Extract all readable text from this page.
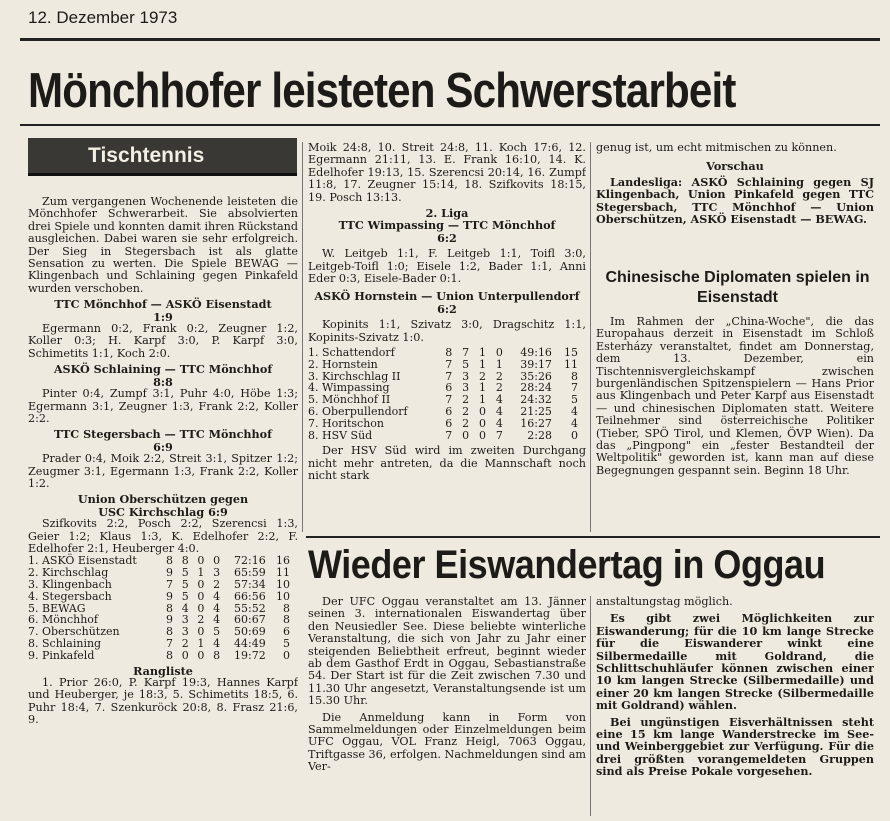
12. Dezember 1973
Mönchhofer leisteten Schwerstarbeit
Tischtennis

Zum vergangenen Wochenende leisteten die Mönchhofer Schwerarbeit. Sie absolvierten drei Spiele und konnten damit ihren Rückstand ausgleichen. Dabei waren sie sehr erfolgreich. Der Sieg in Stegersbach ist als glatte Sensation zu werten. Die Spiele BEWAG — Klingenbach und Schlaining gegen Pinkafeld wurden verschoben.

TTC Mönchhof — ASKÖ Eisenstadt
1:9

Egermann 0:2, Frank 0:2, Zeugner 1:2, Koller 0:3; H. Karpf 3:0, P. Karpf 3:0, Schimetits 1:1, Koch 2:0.

ASKÖ Schlaining — TTC Mönchhof
8:8

Pinter 0:4, Zumpf 3:1, Puhr 4:0, Höbe 1:3; Egermann 3:1, Zeugner 1:3, Frank 2:2, Koller 2:2.

TTC Stegersbach — TTC Mönchhof
6:9

Prader 0:4, Moik 2:2, Streit 3:1, Spitzer 1:2; Zeugmer 3:1, Egermann 1:3, Frank 2:2, Koller 1:2.

Union Oberschützen gegen
USC Kirchschlag 6:9

Szifkovits 2:2, Posch 2:2, Szerencsi 1:3, Geier 1:2; Klaus 1:3, K. Edelhofer 2:2, F. Edelhofer 2:1, Heuberger 4:0.

1. ASKÖ Eisenstadt	8	8	0	0	72:16	16
2. Kirchschlag	9	5	1	3	65:59	11
3. Klingenbach	7	5	0	2	57:34	10
4. Stegersbach	9	5	0	4	66:56	10
5. BEWAG	8	4	0	4	55:52	8
6. Mönchhof	9	3	2	4	60:67	8
7. Oberschützen	8	3	0	5	50:69	6
8. Schlaining	7	2	1	4	44:49	5
9. Pinkafeld	8	0	0	8	19:72	0
Rangliste

1. Prior 26:0, P. Karpf 19:3, Hannes Karpf und Heuberger, je 18:3, 5. Schimetits 18:5, 6. Puhr 18:4, 7. Szenkuröck 20:8, 8. Frasz 21:6, 9.

Moik 24:8, 10. Streit 24:8, 11. Koch 17:6, 12. Egermann 21:11, 13. E. Frank 16:10, 14. K. Edelhofer 19:13, 15. Szerencsi 20:14, 16. Zumpf 11:8, 17. Zeugner 15:14, 18. Szifkovits 18:15, 19. Posch 13:13.

2. Liga
TTC Wimpassing — TTC Mönchhof
6:2

W. Leitgeb 1:1, F. Leitgeb 1:1, Toifl 3:0, Leitgeb-Toifl 1:0; Eisele 1:2, Bader 1:1, Anni Eder 0:3, Eisele-Bader 0:1.

ASKÖ Hornstein — Union Unterpullendorf 6:2

Kopinits 1:1, Szivatz 3:0, Dragschitz 1:1, Kopinits-Szivatz 1:0.

1. Schattendorf	8	7	1	0	49:16	15
2. Hornstein	7	5	1	1	39:17	11
3. Kirchschlag II	7	3	2	2	35:26	8
4. Wimpassing	6	3	1	2	28:24	7
5. Mönchhof II	7	2	1	4	24:32	5
6. Oberpullendorf	6	2	0	4	21:25	4
7. Horitschon	6	2	0	4	16:27	4
8. HSV Süd	7	0	0	7	2:28	0

Der HSV Süd wird im zweiten Durchgang nicht mehr antreten, da die Mannschaft noch nicht stark

genug ist, um echt mitmischen zu können.

Vorschau

Landesliga: ASKÖ Schlaining gegen SJ Klingenbach, Union Pinkafeld gegen TTC Stegersbach, TTC Mönchhof — Union Oberschützen, ASKÖ Eisenstadt — BEWAG.

Chinesische Diplomaten spielen in Eisenstadt

Im Rahmen der „China-Woche", die das Europahaus derzeit in Eisenstadt im Schloß Esterházy veranstaltet, findet am Donnerstag, dem 13. Dezember, ein Tischtennisvergleichskampf zwischen burgenländischen Spitzenspielern — Hans Prior aus Klingenbach und Peter Karpf aus Eisenstadt — und chinesischen Diplomaten statt. Weitere Teilnehmer sind österreichische Politiker (Tieber, SPÖ Tirol, und Klemen, ÖVP Wien). Da das „Pingpong" ein „fester Bestandteil der Weltpolitik" geworden ist, kann man auf diese Begegnungen gespannt sein. Beginn 18 Uhr.

Wieder Eiswandertag in Oggau

Der UFC Oggau veranstaltet am 13. Jänner seinen 3. internationalen Eiswandertag über den Neusiedler See. Diese beliebte winterliche Veranstaltung, die sich von Jahr zu Jahr einer steigenden Beliebtheit erfreut, beginnt wieder ab dem Gasthof Erdt in Oggau, Sebastianstraße 54. Der Start ist für die Zeit zwischen 7.30 und 11.30 Uhr angesetzt, Veranstaltungsende ist um 15.30 Uhr.

Die Anmeldung kann in Form von Sammelmeldungen oder Einzelmeldungen beim UFC Oggau, VOL Franz Heigl, 7063 Oggau, Triftgasse 36, erfolgen. Nachmeldungen sind am Ver-

anstaltungstag möglich.

Es gibt zwei Möglichkeiten zur Eiswanderung; für die 10 km lange Strecke für die Eiswanderer winkt eine Silbermedaille mit Goldrand, die Schlittschuhläufer können zwischen einer 10 km langen Strecke (Silbermedaille) und einer 20 km langen Strecke (Silbermedaille mit Goldrand) wählen.

Bei ungünstigen Eisverhältnissen steht eine 15 km lange Wanderstrecke im See- und Weinberggebiet zur Verfügung. Für die drei größten vorangemeldeten Gruppen sind als Preise Pokale vorgesehen.
